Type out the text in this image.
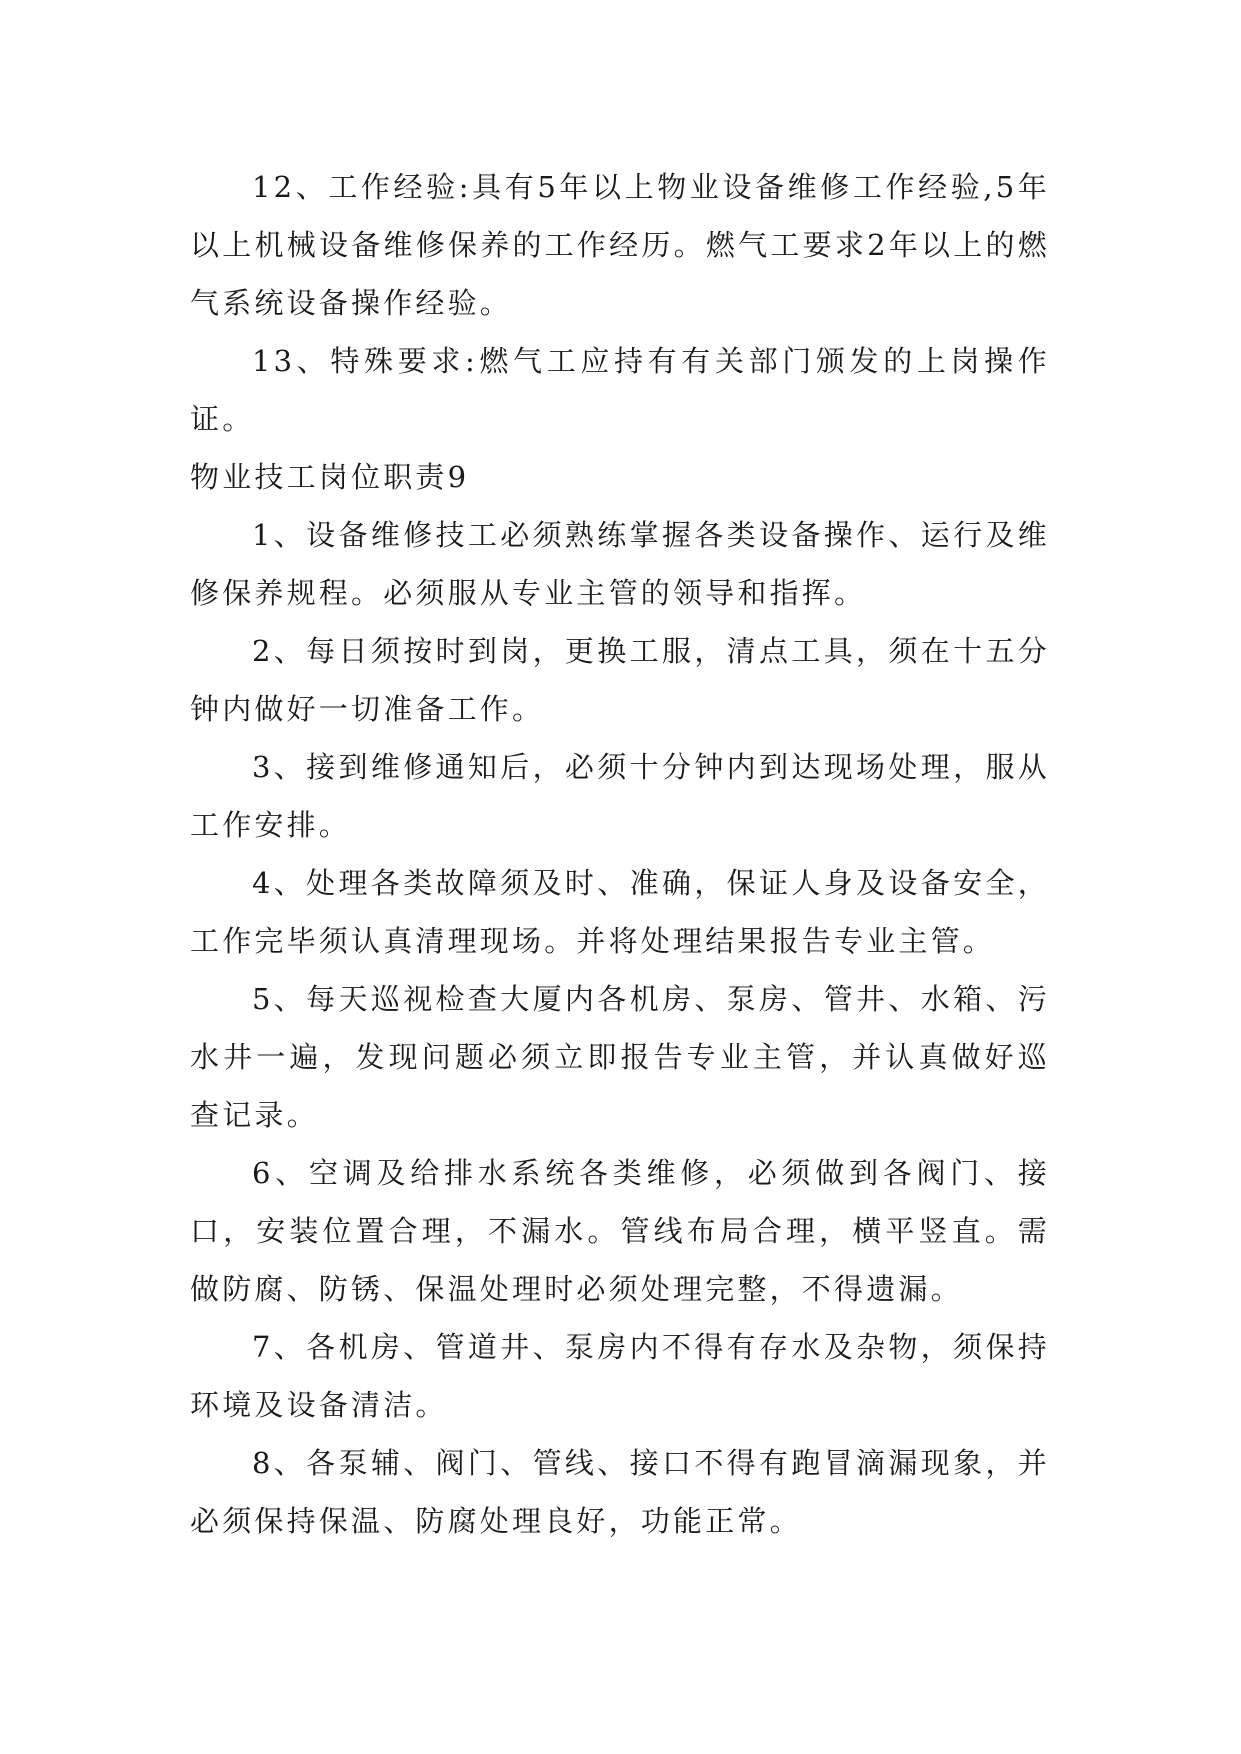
12、工作经验:具有5年以上物业设备维修工作经验,5年以上机械设备维修保养的工作经历。燃气工要求2年以上的燃气系统设备操作经验。

13、特殊要求:燃气工应持有有关部门颁发的上岗操作证。

物业技工岗位职责9

1、设备维修技工必须熟练掌握各类设备操作、运行及维修保养规程。必须服从专业主管的领导和指挥。

2、每日须按时到岗，更换工服，清点工具，须在十五分钟内做好一切准备工作。

3、接到维修通知后，必须十分钟内到达现场处理，服从工作安排。

4、处理各类故障须及时、准确，保证人身及设备安全，工作完毕须认真清理现场。并将处理结果报告专业主管。

5、每天巡视检查大厦内各机房、泵房、管井、水箱、污水井一遍，发现问题必须立即报告专业主管，并认真做好巡查记录。

6、空调及给排水系统各类维修，必须做到各阀门、接口，安装位置合理，不漏水。管线布局合理，横平竖直。需做防腐、防锈、保温处理时必须处理完整，不得遗漏。

7、各机房、管道井、泵房内不得有存水及杂物，须保持环境及设备清洁。

8、各泵辅、阀门、管线、接口不得有跑冒滴漏现象，并必须保持保温、防腐处理良好，功能正常。
